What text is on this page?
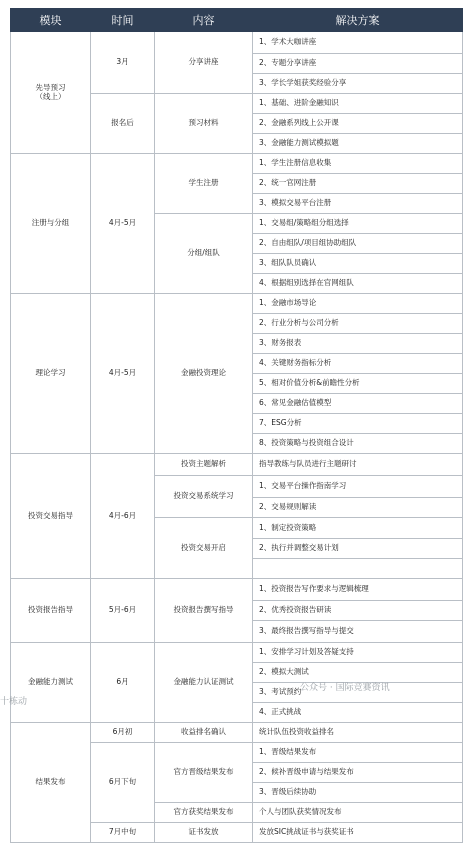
模块	时间	内容	解决方案
先导预习
（线上）	3月	分享讲座	1、学术大咖讲座
			2、专题分享讲座
			3、学长学姐获奖经验分享
	报名后	预习材料	1、基础、进阶金融知识
			2、金融系列线上公开课
			3、金融能力测试模拟题
注册与分组	4月-5月	学生注册	1、学生注册信息收集
			2、统一官网注册
			3、模拟交易平台注册
		分组/组队	1、交易组/策略组分组选择
			2、自由组队/项目组协助组队
			3、组队队员确认
			4、根据组别选择在官网组队
理论学习	4月-5月	金融投资理论	1、金融市场导论
			2、行业分析与公司分析
			3、财务报表
			4、关键财务指标分析
			5、相对价值分析&前瞻性分析
			6、常见金融估值模型
			7、ESG分析
			8、投资策略与投资组合设计
投资交易指导	4月-6月	投资主题解析	指导教练与队员进行主题研讨
		投资交易系统学习	1、交易平台操作指南学习
			2、交易规则解读
		投资交易开启	1、制定投资策略
			2、执行并调整交易计划

投资报告指导	5月-6月	投资报告撰写指导	1、投资报告写作要求与逻辑梳理
			2、优秀投资报告研读
			3、最终报告撰写指导与提交
金融能力测试	6月	金融能力认证测试	1、安排学习计划及答疑支持
			2、模拟大测试
			3、考试预约
			4、正式挑战
结果发布	6月初	收益排名确认	统计队伍投资收益排名
	6月下旬	官方晋级结果发布	1、晋级结果发布
			2、候补晋级申请与结果发布
			3、晋级后续协助
		官方获奖结果发布	个人与团队获奖情况发布
	7月中旬	证书发放	发放SIC挑战证书与获奖证书
公众号 · 国际竞赛资讯
十栋动
